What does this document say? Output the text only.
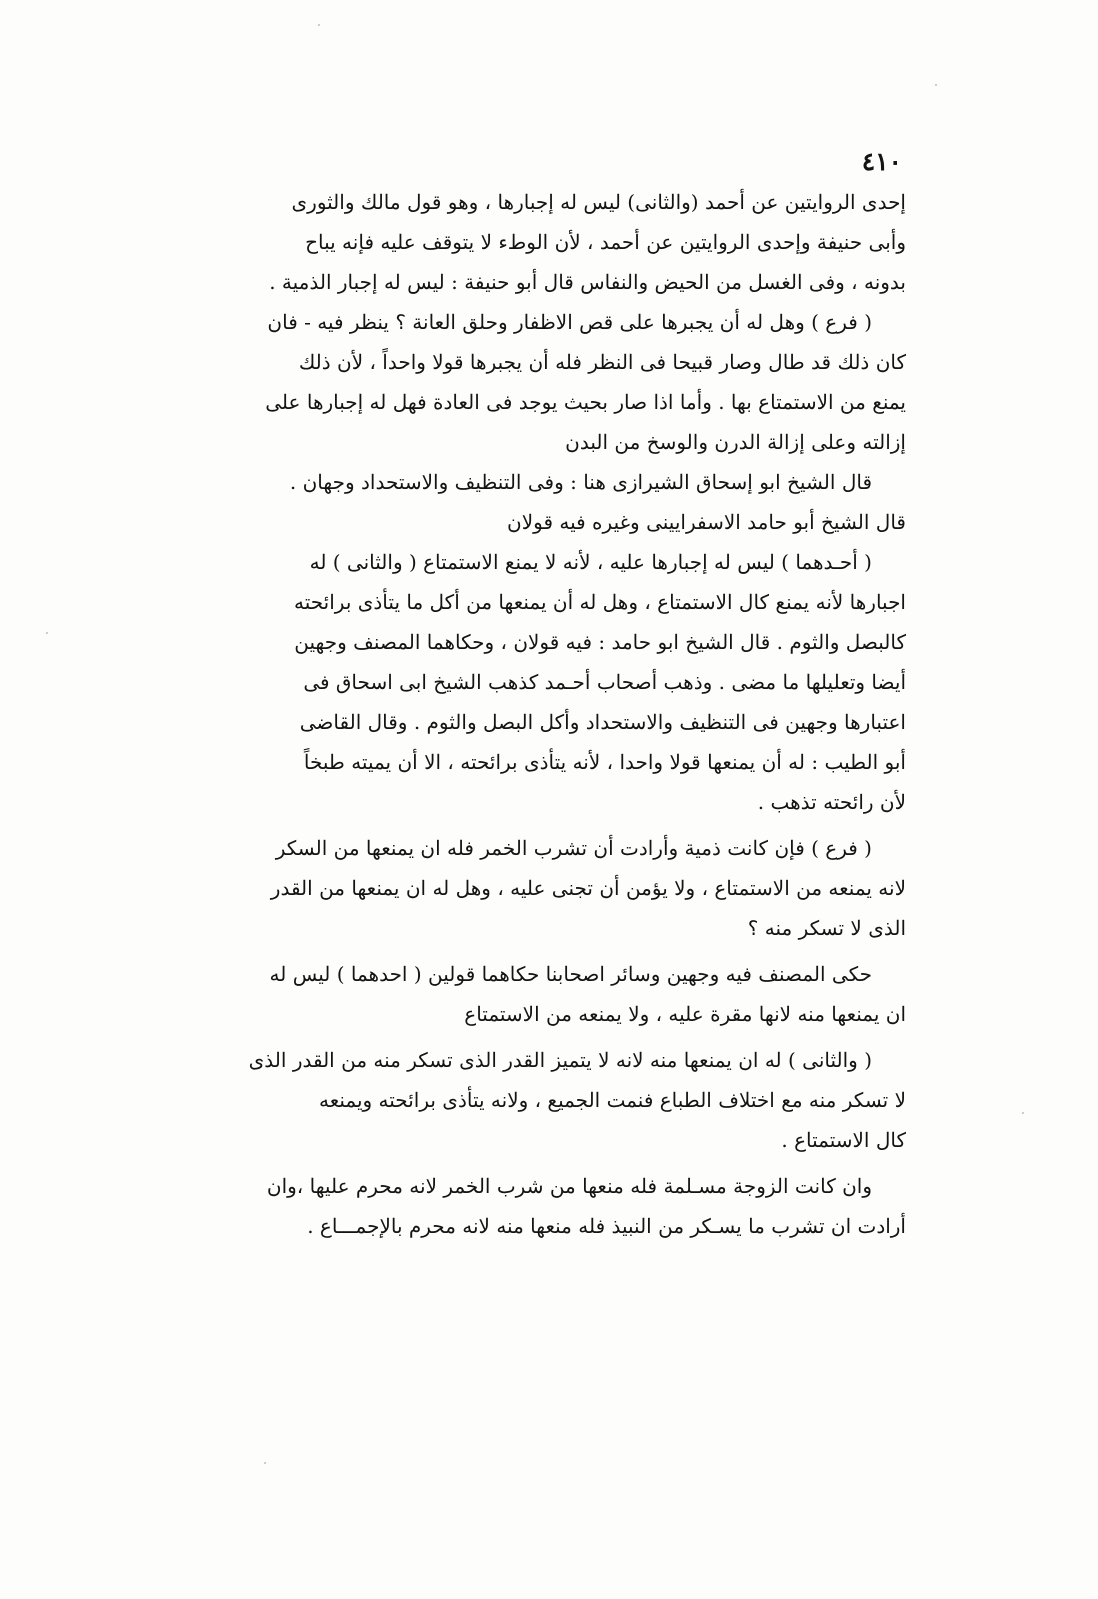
٤١٠
إحدى الروايتين عن أحمد (والثانى) ليس له إجبارها ، وهو قول مالك والثورى
وأبى حنيفة وإحدى الروايتين عن أحمد ، لأن الوطء لا يتوقف عليه فإنه يباح
بدونه ، وفى الغسل من الحيض والنفاس قال أبو حنيفة : ليس له إجبار الذمية .
( فرع ) وهل له أن يجبرها على قص الاظفار وحلق العانة ؟ ينظر فيه - فان
كان ذلك قد طال وصار قبيحا فى النظر فله أن يجبرها قولا واحداً ، لأن ذلك
يمنع من الاستمتاع بها . وأما اذا صار بحيث يوجد فى العادة فهل له إجبارها على
إزالته وعلى إزالة الدرن والوسخ من البدن
قال الشيخ ابو إسحاق الشيرازى هنا : وفى التنظيف والاستحداد وجهان .
قال الشيخ أبو حامد الاسفرايينى وغيره فيه قولان
( أحـدهما ) ليس له إجبارها عليه ، لأنه لا يمنع الاستمتاع ( والثانى ) له
اجبارها لأنه يمنع كال الاستمتاع ، وهل له أن يمنعها من أكل ما يتأذى برائحته
كالبصل والثوم . قال الشيخ ابو حامد : فيه قولان ، وحكاهما المصنف وجهين
أيضا وتعليلها ما مضى . وذهب أصحاب أحـمد كذهب الشيخ ابى اسحاق فى
اعتبارها وجهين فى التنظيف والاستحداد وأكل البصل والثوم . وقال القاضى
أبو الطيب : له أن يمنعها قولا واحدا ، لأنه يتأذى برائحته ، الا أن يميته طبخاً
لأن رائحته تذهب .
( فرع ) فإن كانت ذمية وأرادت أن تشرب الخمر فله ان يمنعها من السكر
لانه يمنعه من الاستمتاع ، ولا يؤمن أن تجنى عليه ، وهل له ان يمنعها من القدر
الذى لا تسكر منه ؟
حكى المصنف فيه وجهين وسائر اصحابنا حكاهما قولين ( احدهما ) ليس له
ان يمنعها منه لانها مقرة عليه ، ولا يمنعه من الاستمتاع
( والثانى ) له ان يمنعها منه لانه لا يتميز القدر الذى تسكر منه من القدر الذى
لا تسكر منه مع اختلاف الطباع فنمت الجميع ، ولانه يتأذى برائحته ويمنعه
كال الاستمتاع .
وان كانت الزوجة مسـلمة فله منعها من شرب الخمر لانه محرم عليها ،وان
أرادت ان تشرب ما يسـكر من النبيذ فله منعها منه لانه محرم بالإجمـــاع .
